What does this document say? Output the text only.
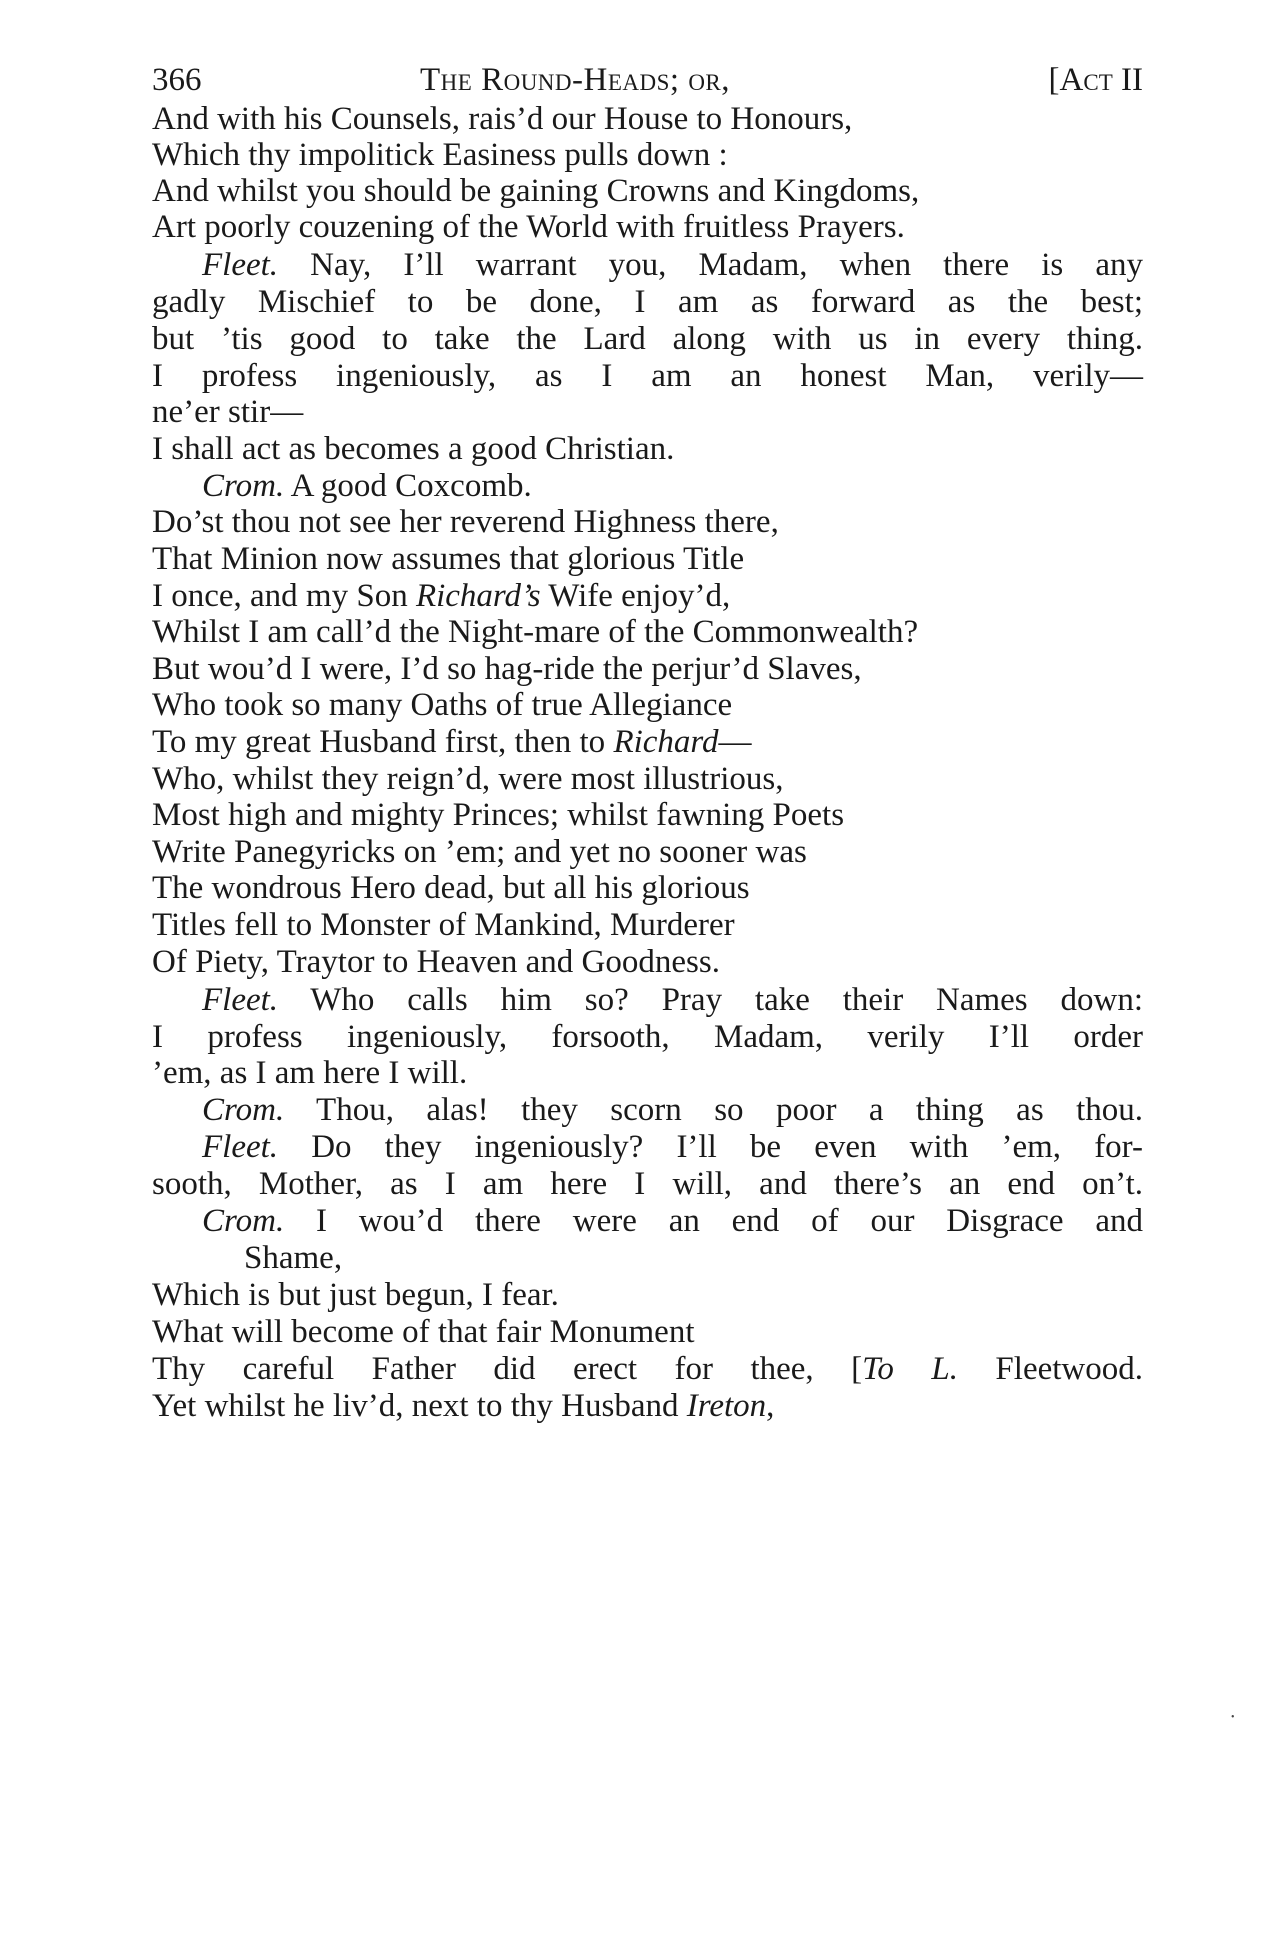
366	The Round-Heads; or,	[Act II
And with his Counsels, rais’d our House to Honours,
Which thy impolitick Easiness pulls down :
And whilst you should be gaining Crowns and Kingdoms,
Art poorly couzening of the World with fruitless Prayers.
Fleet. Nay, I’ll warrant you, Madam, when there is any
gadly Mischief to be done, I am as forward as the best;
but ’tis good to take the Lard along with us in every thing.
I profess ingeniously, as I am an honest Man, verily—
ne’er stir—
I shall act as becomes a good Christian.
Crom. A good Coxcomb.
Do’st thou not see her reverend Highness there,
That Minion now assumes that glorious Title
I once, and my Son Richard’s Wife enjoy’d,
Whilst I am call’d the Night-mare of the Commonwealth?
But wou’d I were, I’d so hag-ride the perjur’d Slaves,
Who took so many Oaths of true Allegiance
To my great Husband first, then to Richard—
Who, whilst they reign’d, were most illustrious,
Most high and mighty Princes; whilst fawning Poets
Write Panegyricks on ’em; and yet no sooner was
The wondrous Hero dead, but all his glorious
Titles fell to Monster of Mankind, Murderer
Of Piety, Traytor to Heaven and Goodness.
Fleet. Who calls him so? Pray take their Names down:
I profess ingeniously, forsooth, Madam, verily I’ll order
’em, as I am here I will.
Crom. Thou, alas! they scorn so poor a thing as thou.
Fleet. Do they ingeniously? I’ll be even with ’em, for-
sooth, Mother, as I am here I will, and there’s an end on’t.
Crom. I wou’d there were an end of our Disgrace and
Shame,
Which is but just begun, I fear.
What will become of that fair Monument
Thy careful Father did erect for thee, [To L. Fleetwood.
Yet whilst he liv’d, next to thy Husband Ireton,
•
